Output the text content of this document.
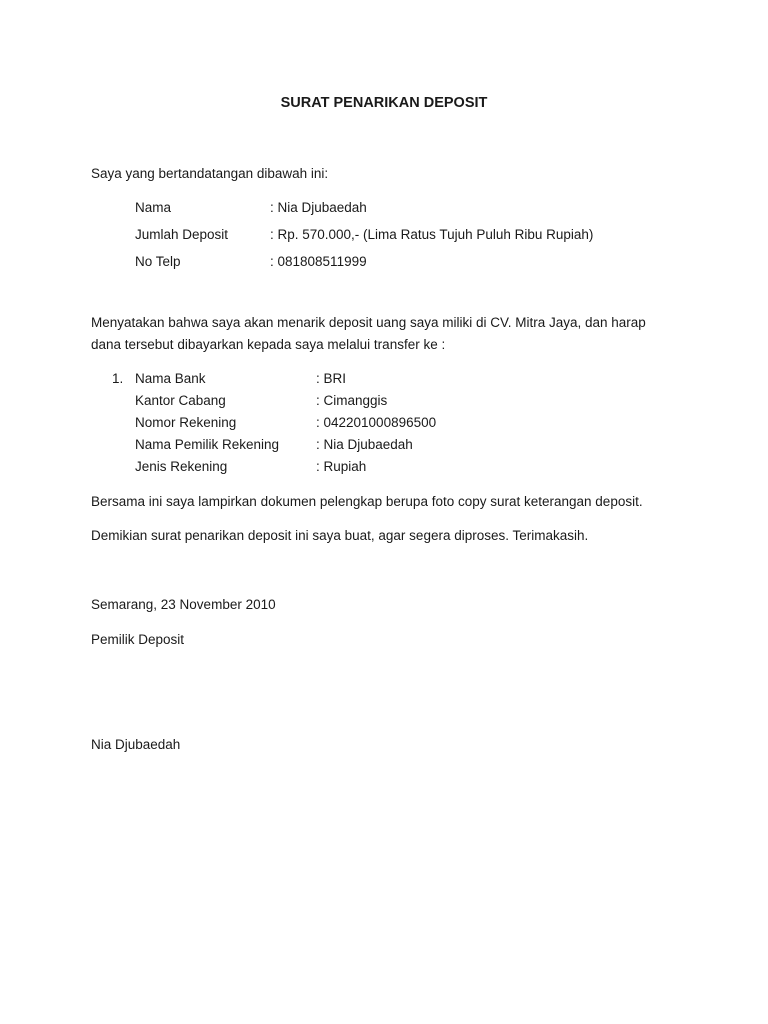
SURAT PENARIKAN DEPOSIT
Saya yang bertandatangan dibawah ini:
Nama	: Nia Djubaedah
Jumlah Deposit	: Rp. 570.000,- (Lima Ratus Tujuh Puluh Ribu Rupiah)
No Telp	: 081808511999
Menyatakan bahwa saya akan menarik deposit uang saya miliki di CV. Mitra Jaya, dan harap
dana tersebut dibayarkan kepada saya melalui transfer ke :
1. Nama Bank	: BRI
Kantor Cabang	: Cimanggis
Nomor Rekening	: 042201000896500
Nama Pemilik Rekening	: Nia Djubaedah
Jenis Rekening	: Rupiah
Bersama ini saya lampirkan dokumen pelengkap berupa foto copy surat keterangan deposit.
Demikian surat penarikan deposit ini saya buat, agar segera diproses. Terimakasih.
Semarang, 23 November 2010
Pemilik Deposit
Nia Djubaedah
